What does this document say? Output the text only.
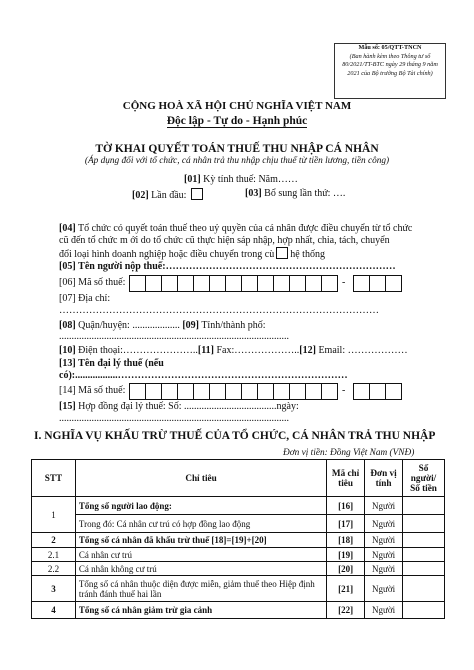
Mẫu số: 05/QTT-TNCN
(Ban hành kèm theo Thông tư số
80/2021/TT-BTC ngày 29 tháng 9 năm
2021 của Bộ trưởng Bộ Tài chính)
CỘNG HOÀ XÃ HỘI CHỦ NGHĨA VIỆT NAM
Độc lập - Tự do - Hạnh phúc
TỜ KHAI QUYẾT TOÁN THUẾ THU NHẬP CÁ NHÂN
(Áp dụng đối với tổ chức, cá nhân trả thu nhập chịu thuế từ tiền lương, tiền công)
[01] Kỳ tính thuế: Năm……
[02] Lần đầu:	[03] Bổ sung lần thứ: ….
[04] Tổ chức có quyết toán thuế theo uỷ quyền của cá nhân được điều chuyển từ tổ chức
cũ đến tổ chức m ới do tổ chức cũ thực hiện sáp nhập, hợp nhất, chia, tách, chuyển
đổi loại hình doanh nghiệp hoặc điều chuyển trong cù hệ thống
[05] Tên người nộp thuế:……………………………………………………………
[06] Mã số thuế:	-
[07] Địa chỉ:
……………………………………………………………………………………
[08] Quận/huyện: ................... [09] Tỉnh/thành phố:
............................................................................................
[10] Điện thoại:…………………..[11] Fax:………………..[12] Email: ………………
[13] Tên đại lý thuế (nếu
có):.................……………………………………………………………
[14] Mã số thuế:	-
[15] Hợp đồng đại lý thuế: Số: .....................................ngày:
............................................................................................
I. NGHĨA VỤ KHẤU TRỪ THUẾ CỦA TỔ CHỨC, CÁ NHÂN TRẢ THU NHẬP
Đơn vị tiền: Đồng Việt Nam (VNĐ)
STT	Chỉ tiêu	Mã chỉ tiêu	Đơn vị tính	Số người/ Số tiền
1	Tổng số người lao động:	[16]	Người	
	Trong đó: Cá nhân cư trú có hợp đồng lao động	[17]	Người	
2	Tổng số cá nhân đã khấu trừ thuế [18]=[19]+[20]	[18]	Người	
2.1	Cá nhân cư trú	[19]	Người	
2.2	Cá nhân không cư trú	[20]	Người	
3	Tổng số cá nhân thuộc diện được miễn, giảm thuế theo Hiệp định tránh đánh thuế hai lần	[21]	Người	
4	Tổng số cá nhân giảm trừ gia cảnh	[22]	Người	
